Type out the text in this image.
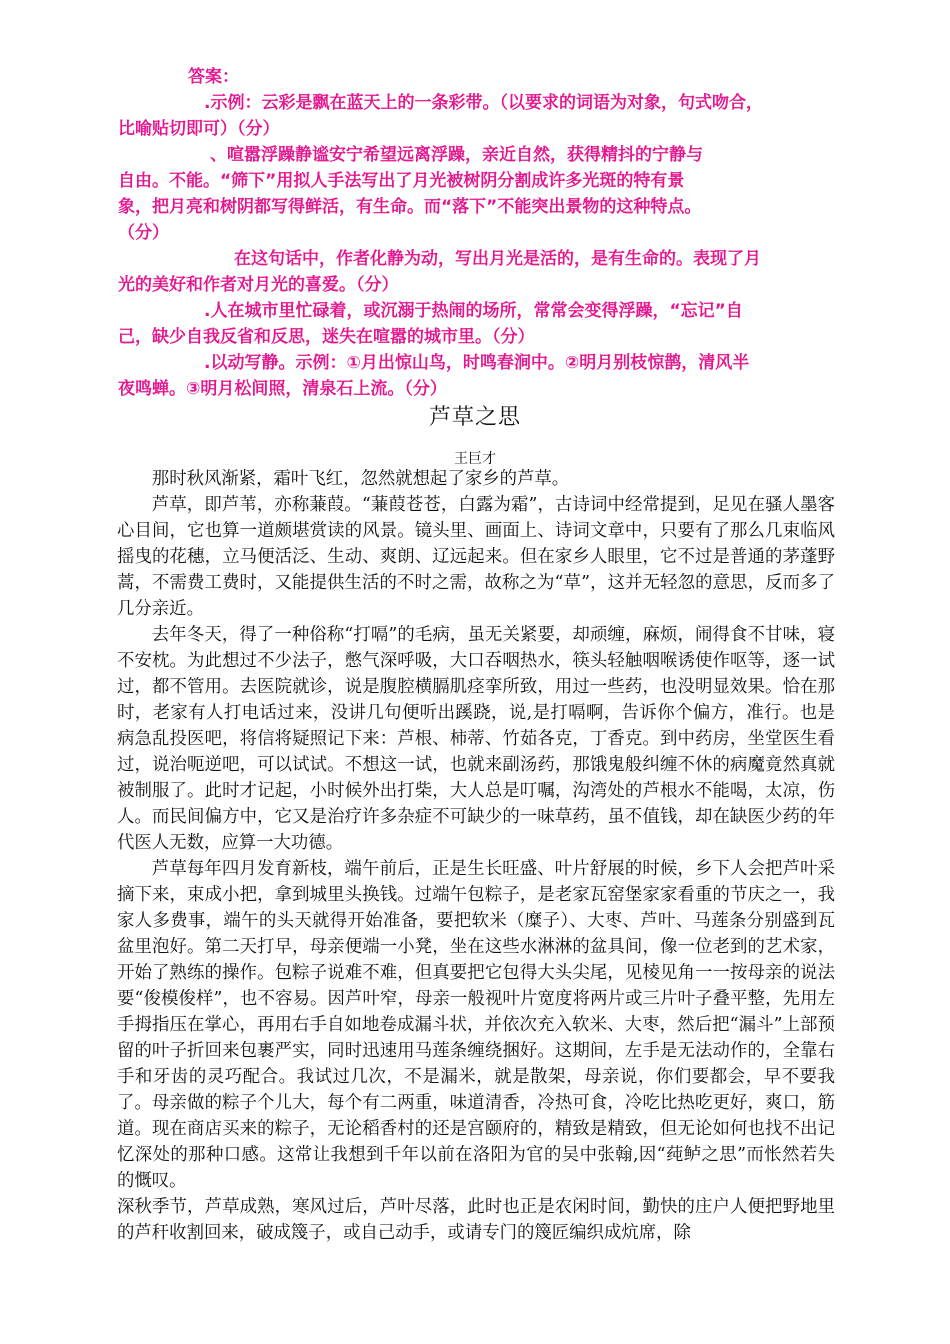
答案：

.示例：云彩是飘在蓝天上的一条彩带。（以要求的词语为对象，句式吻合，

比喻贴切即可）（分）

、喧嚣浮躁静谧安宁希望远离浮躁，亲近自然，获得精抖的宁静与

自由。不能。“筛下”用拟人手法写出了月光被树阴分割成许多光斑的特有景

象，把月亮和树阴都写得鲜活，有生命。而“落下”不能突出景物的这种特点。

（分）

在这句话中，作者化静为动，写出月光是活的，是有生命的。表现了月

光的美好和作者对月光的喜爱。（分）

.人在城市里忙碌着，或沉溺于热闹的场所，常常会变得浮躁，“忘记”自

己，缺少自我反省和反思，迷失在喧嚣的城市里。（分）

.以动写静。示例：①月出惊山鸟，时鸣春涧中。②明月别枝惊鹊，清风半

夜鸣蝉。③明月松间照，清泉石上流。（分）

芦草之思
王巨才

那时秋风渐紧，霜叶飞红，忽然就想起了家乡的芦草。

芦草，即芦苇，亦称蒹葭。“蒹葭苍苍，白露为霜”，古诗词中经常提到，足见在骚人墨客心目间，它也算一道颇堪赏读的风景。镜头里、画面上、诗词文章中，只要有了那么几束临风摇曳的花穗，立马便活泛、生动、爽朗、辽远起来。但在家乡人眼里，它不过是普通的茅蓬野蒿，不需费工费时，又能提供生活的不时之需，故称之为“草”，这并无轻忽的意思，反而多了几分亲近。

去年冬天，得了一种俗称“打嗝”的毛病，虽无关紧要，却顽缠，麻烦，闹得食不甘味，寝不安枕。为此想过不少法子，憋气深呼吸，大口吞咽热水，筷头轻触咽喉诱使作呕等，逐一试过，都不管用。去医院就诊，说是腹腔横膈肌痉挛所致，用过一些药，也没明显效果。恰在那时，老家有人打电话过来，没讲几句便听出蹊跷，说,是打嗝啊，告诉你个偏方，准行。也是病急乱投医吧，将信将疑照记下来：芦根、柿蒂、竹茹各克，丁香克。到中药房，坐堂医生看过，说治呃逆吧，可以试试。不想这一试，也就来副汤药，那饿鬼般纠缠不休的病魔竟然真就被制服了。此时才记起，小时候外出打柴，大人总是叮嘱，沟湾处的芦根水不能喝，太凉，伤人。而民间偏方中，它又是治疗许多杂症不可缺少的一味草药，虽不值钱，却在缺医少药的年代医人无数，应算一大功德。

芦草每年四月发育新枝，端午前后，正是生长旺盛、叶片舒展的时候，乡下人会把芦叶采摘下来，束成小把，拿到城里头换钱。过端午包粽子，是老家瓦窑堡家家看重的节庆之一，我家人多费事，端午的头天就得开始准备，要把软米（糜子）、大枣、芦叶、马莲条分别盛到瓦盆里泡好。第二天打早，母亲便端一小凳，坐在这些水淋淋的盆具间，像一位老到的艺术家，开始了熟练的操作。包粽子说难不难，但真要把它包得大头尖尾，见棱见角一一按母亲的说法要“俊模俊样”，也不容易。因芦叶窄，母亲一般视叶片宽度将两片或三片叶子叠平整，先用左手拇指压在掌心，再用右手自如地卷成漏斗状，并依次充入软米、大枣，然后把“漏斗”上部预留的叶子折回来包裹严实，同时迅速用马莲条缠绕捆好。这期间，左手是无法动作的，全靠右手和牙齿的灵巧配合。我试过几次，不是漏米，就是散架，母亲说，你们要都会，早不要我了。母亲做的粽子个儿大，每个有二两重，味道清香，冷热可食，冷吃比热吃更好，爽口，筋道。现在商店买来的粽子，无论稻香村的还是宫颐府的，精致是精致，但无论如何也找不出记忆深处的那种口感。这常让我想到千年以前在洛阳为官的吴中张翰,因“莼鲈之思”而怅然若失的慨叹。

深秋季节，芦草成熟，寒风过后，芦叶尽落，此时也正是农闲时间，勤快的庄户人便把野地里的芦秆收割回来，破成篾子，或自己动手，或请专门的篾匠编织成炕席，除
